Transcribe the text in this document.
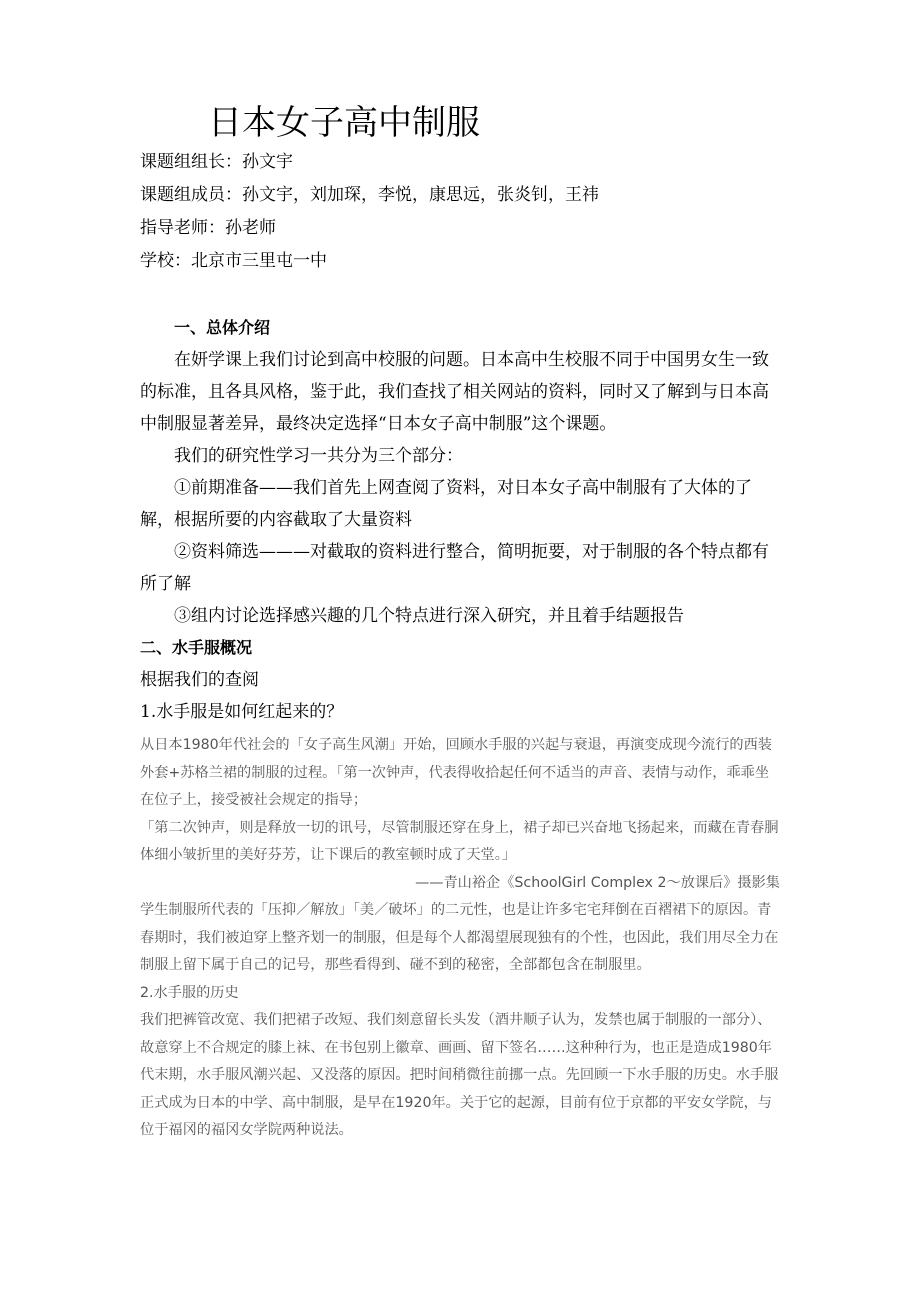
日本女子高中制服
课题组组长：孙文宇
课题组成员：孙文宇，刘加琛，李悦，康思远，张炎钊，王祎
指导老师：孙老师
学校：北京市三里屯一中

一、总体介绍

在妍学课上我们讨论到高中校服的问题。日本高中生校服不同于中国男女生一致的标准，且各具风格，鉴于此，我们查找了相关网站的资料，同时又了解到与日本高中制服显著差异，最终决定选择“日本女子高中制服”这个课题。

我们的研究性学习一共分为三个部分：

①前期准备——我们首先上网查阅了资料，对日本女子高中制服有了大体的了解，根据所要的内容截取了大量资料

②资料筛选———对截取的资料进行整合，简明扼要，对于制服的各个特点都有所了解

③组内讨论选择感兴趣的几个特点进行深入研究，并且着手结题报告

二、水手服概况

根据我们的查阅

1.水手服是如何红起来的？

从日本1980年代社会的「女子高生风潮」开始，回顾水手服的兴起与衰退，再演变成现今流行的西装外套+苏格兰裙的制服的过程。「第一次钟声，代表得收拾起任何不适当的声音、表情与动作，乖乖坐在位子上，接受被社会规定的指导；

「第二次钟声，则是释放一切的讯号，尽管制服还穿在身上，裙子却已兴奋地飞扬起来，而藏在青春胴体细小皱折里的美好芬芳，让下课后的教室顿时成了天堂。」

——青山裕企《SchoolGirl Complex 2～放课后》摄影集

学生制服所代表的「压抑／解放」「美／破坏」的二元性，也是让许多宅宅拜倒在百褶裙下的原因。青春期时，我们被迫穿上整齐划一的制服，但是每个人都渴望展现独有的个性，也因此，我们用尽全力在制服上留下属于自己的记号，那些看得到、碰不到的秘密，全部都包含在制服里。

2.水手服的历史

我们把裤管改宽、我们把裙子改短、我们刻意留长头发（酒井顺子认为，发禁也属于制服的一部分）、故意穿上不合规定的膝上袜、在书包别上徽章、画画、留下签名……这种种行为，也正是造成1980年代末期，水手服风潮兴起、又没落的原因。把时间稍微往前挪一点。先回顾一下水手服的历史。水手服正式成为日本的中学、高中制服，是早在1920年。关于它的起源，目前有位于京都的平安女学院，与位于福冈的福冈女学院两种说法。
